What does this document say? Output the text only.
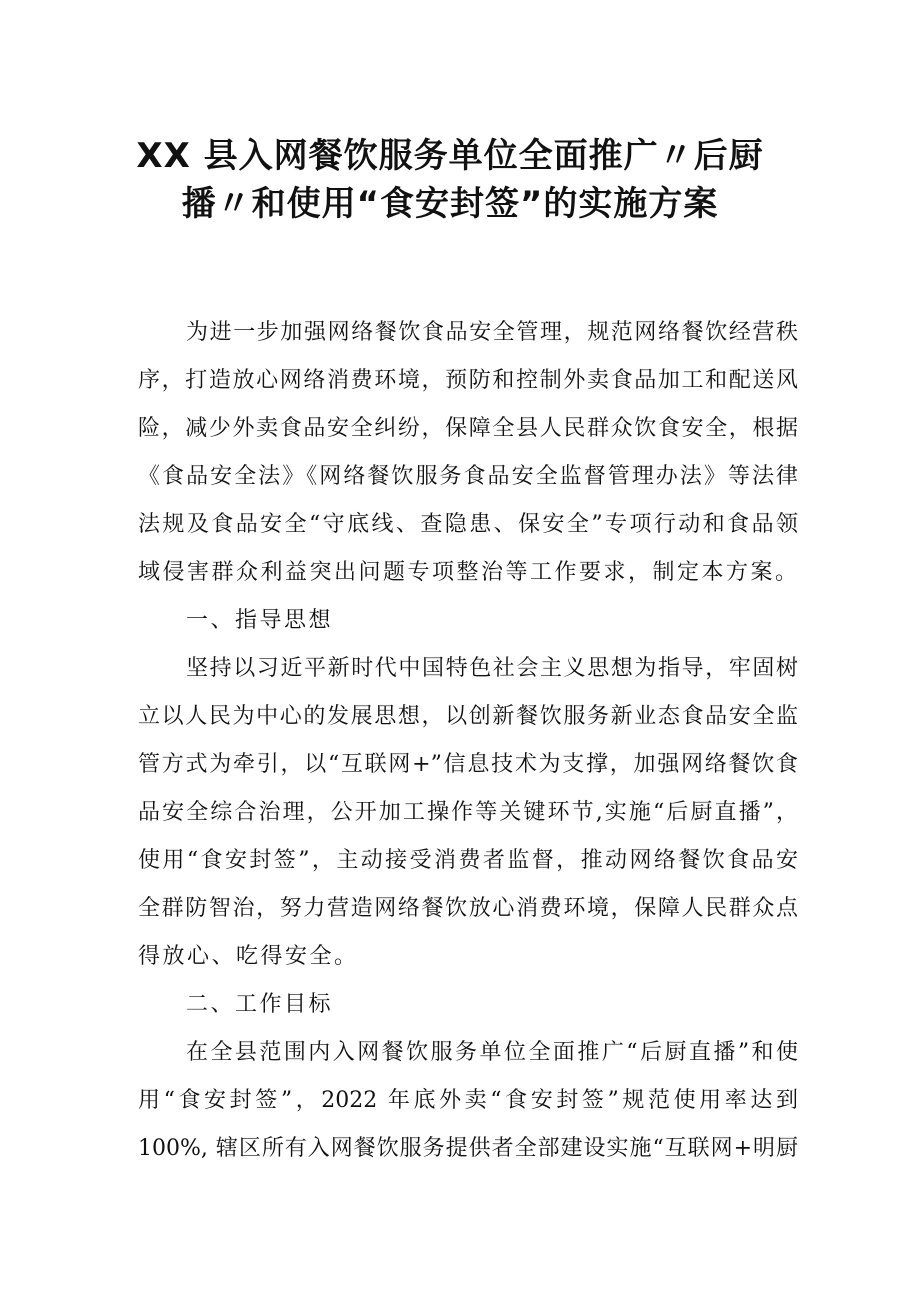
XX 县入网餐饮服务单位全面推广〃后厨
播〃和使用“食安封签”的实施方案

为进一步加强网络餐饮食品安全管理，规范网络餐饮经营秩

序，打造放心网络消费环境，预防和控制外卖食品加工和配送风

险，减少外卖食品安全纠纷，保障全县人民群众饮食安全，根据

《食品安全法》《网络餐饮服务食品安全监督管理办法》等法律

法规及食品安全“守底线、查隐患、保安全”专项行动和食品领

域侵害群众利益突出问题专项整治等工作要求，制定本方案。

一、指导思想

坚持以习近平新时代中国特色社会主义思想为指导，牢固树

立以人民为中心的发展思想，以创新餐饮服务新业态食品安全监

管方式为牵引，以“互联网+”信息技术为支撑，加强网络餐饮食

品安全综合治理，公开加工操作等关键环节,实施“后厨直播”，

使用“食安封签”，主动接受消费者监督，推动网络餐饮食品安

全群防智治，努力营造网络餐饮放心消费环境，保障人民群众点

得放心、吃得安全。

二、工作目标

在全县范围内入网餐饮服务单位全面推广“后厨直播”和使

用“食安封签”，2022 年底外卖“食安封签”规范使用率达到

100%, 辖区所有入网餐饮服务提供者全部建设实施“互联网+明厨
